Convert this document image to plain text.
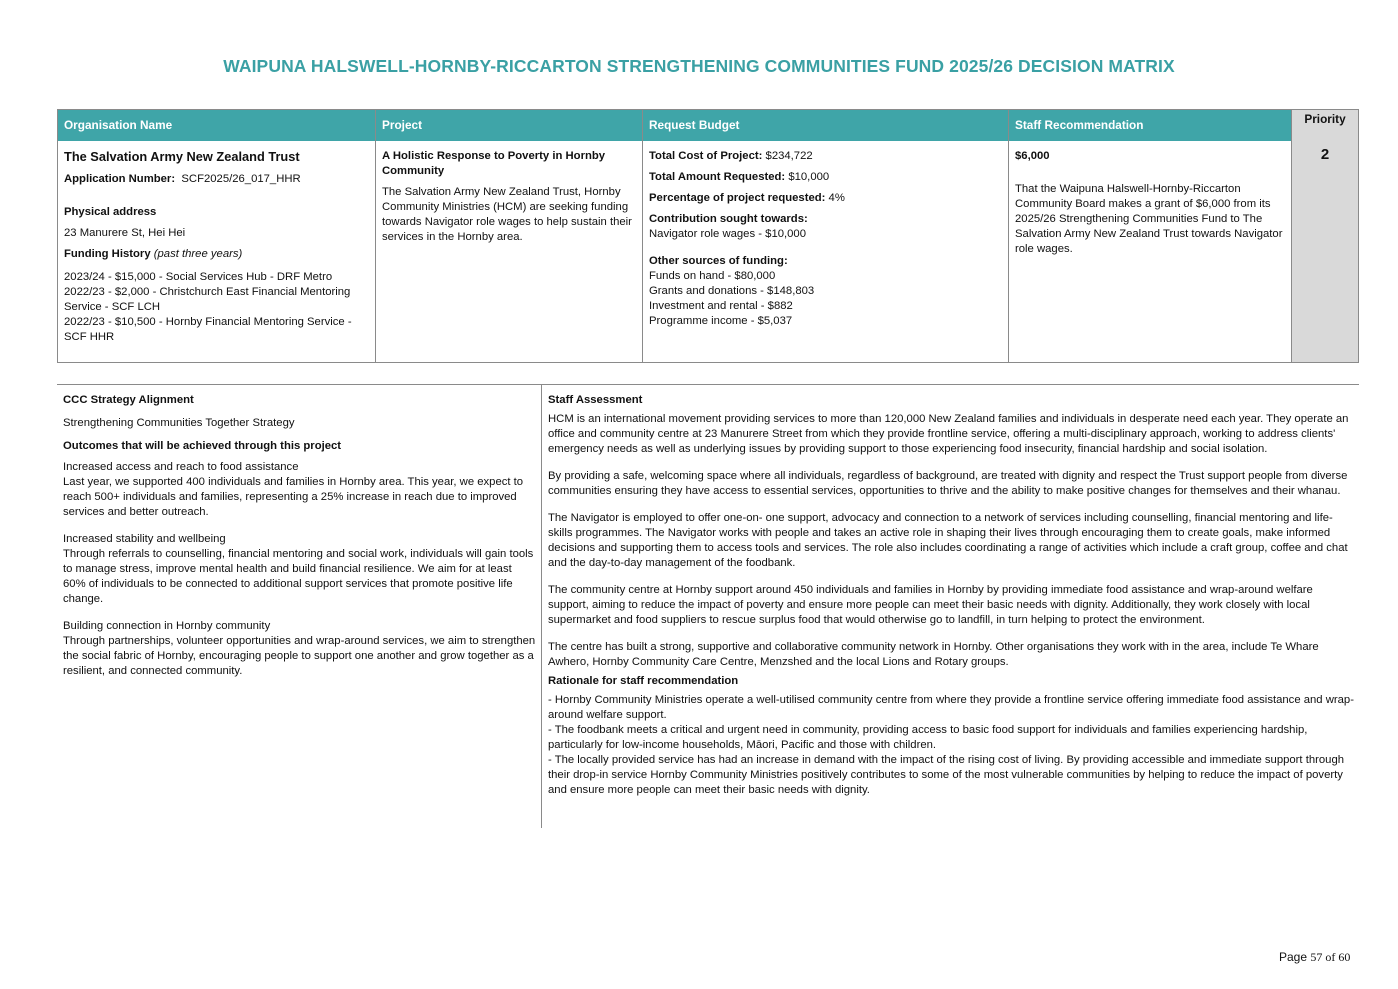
WAIPUNA HALSWELL-HORNBY-RICCARTON STRENGTHENING COMMUNITIES FUND 2025/26 DECISION MATRIX
Organisation Name
The Salvation Army New Zealand Trust
Application Number: SCF2025/26_017_HHR
Physical address
23 Manurere St, Hei Hei
Funding History (past three years)
2023/24 - $15,000 - Social Services Hub - DRF Metro
2022/23 - $2,000 - Christchurch East Financial Mentoring Service - SCF LCH
2022/23 - $10,500 - Hornby Financial Mentoring Service - SCF HHR
Project
A Holistic Response to Poverty in Hornby Community
The Salvation Army New Zealand Trust, Hornby Community Ministries (HCM) are seeking funding towards Navigator role wages to help sustain their services in the Hornby area.
Request Budget
Total Cost of Project: $234,722
Total Amount Requested: $10,000
Percentage of project requested: 4%
Contribution sought towards:
Navigator role wages - $10,000
Other sources of funding:
Funds on hand - $80,000
Grants and donations - $148,803
Investment and rental - $882
Programme income - $5,037
Staff Recommendation
$6,000
That the Waipuna Halswell-Hornby-Riccarton Community Board makes a grant of $6,000 from its 2025/26 Strengthening Communities Fund to The Salvation Army New Zealand Trust towards Navigator role wages.
Priority
2
CCC Strategy Alignment
Strengthening Communities Together Strategy
Outcomes that will be achieved through this project
Increased access and reach to food assistance
Last year, we supported 400 individuals and families in Hornby area. This year, we expect to reach 500+ individuals and families, representing a 25% increase in reach due to improved services and better outreach.
Increased stability and wellbeing
Through referrals to counselling, financial mentoring and social work, individuals will gain tools to manage stress, improve mental health and build financial resilience. We aim for at least 60% of individuals to be connected to additional support services that promote positive life change.
Building connection in Hornby community
Through partnerships, volunteer opportunities and wrap-around services, we aim to strengthen the social fabric of Hornby, encouraging people to support one another and grow together as a resilient, and connected community.
Staff Assessment
HCM is an international movement providing services to more than 120,000 New Zealand families and individuals in desperate need each year. They operate an office and community centre at 23 Manurere Street from which they provide frontline service, offering a multi-disciplinary approach, working to address clients' emergency needs as well as underlying issues by providing support to those experiencing food insecurity, financial hardship and social isolation.
By providing a safe, welcoming space where all individuals, regardless of background, are treated with dignity and respect the Trust support people from diverse communities ensuring they have access to essential services, opportunities to thrive and the ability to make positive changes for themselves and their whanau.
The Navigator is employed to offer one-on- one support, advocacy and connection to a network of services including counselling, financial mentoring and life-skills programmes. The Navigator works with people and takes an active role in shaping their lives through encouraging them to create goals, make informed decisions and supporting them to access tools and services. The role also includes coordinating a range of activities which include a craft group, coffee and chat and the day-to-day management of the foodbank.
The community centre at Hornby support around 450 individuals and families in Hornby by providing immediate food assistance and wrap-around welfare support, aiming to reduce the impact of poverty and ensure more people can meet their basic needs with dignity. Additionally, they work closely with local supermarket and food suppliers to rescue surplus food that would otherwise go to landfill, in turn helping to protect the environment.
The centre has built a strong, supportive and collaborative community network in Hornby. Other organisations they work with in the area, include Te Whare Awhero, Hornby Community Care Centre, Menzshed and the local Lions and Rotary groups.
Rationale for staff recommendation
- Hornby Community Ministries operate a well-utilised community centre from where they provide a frontline service offering immediate food assistance and wrap-around welfare support.
- The foodbank meets a critical and urgent need in community, providing access to basic food support for individuals and families experiencing hardship, particularly for low-income households, Māori, Pacific and those with children.
- The locally provided service has had an increase in demand with the impact of the rising cost of living. By providing accessible and immediate support through their drop-in service Hornby Community Ministries positively contributes to some of the most vulnerable communities by helping to reduce the impact of poverty and ensure more people can meet their basic needs with dignity.
Page 57 of 60
